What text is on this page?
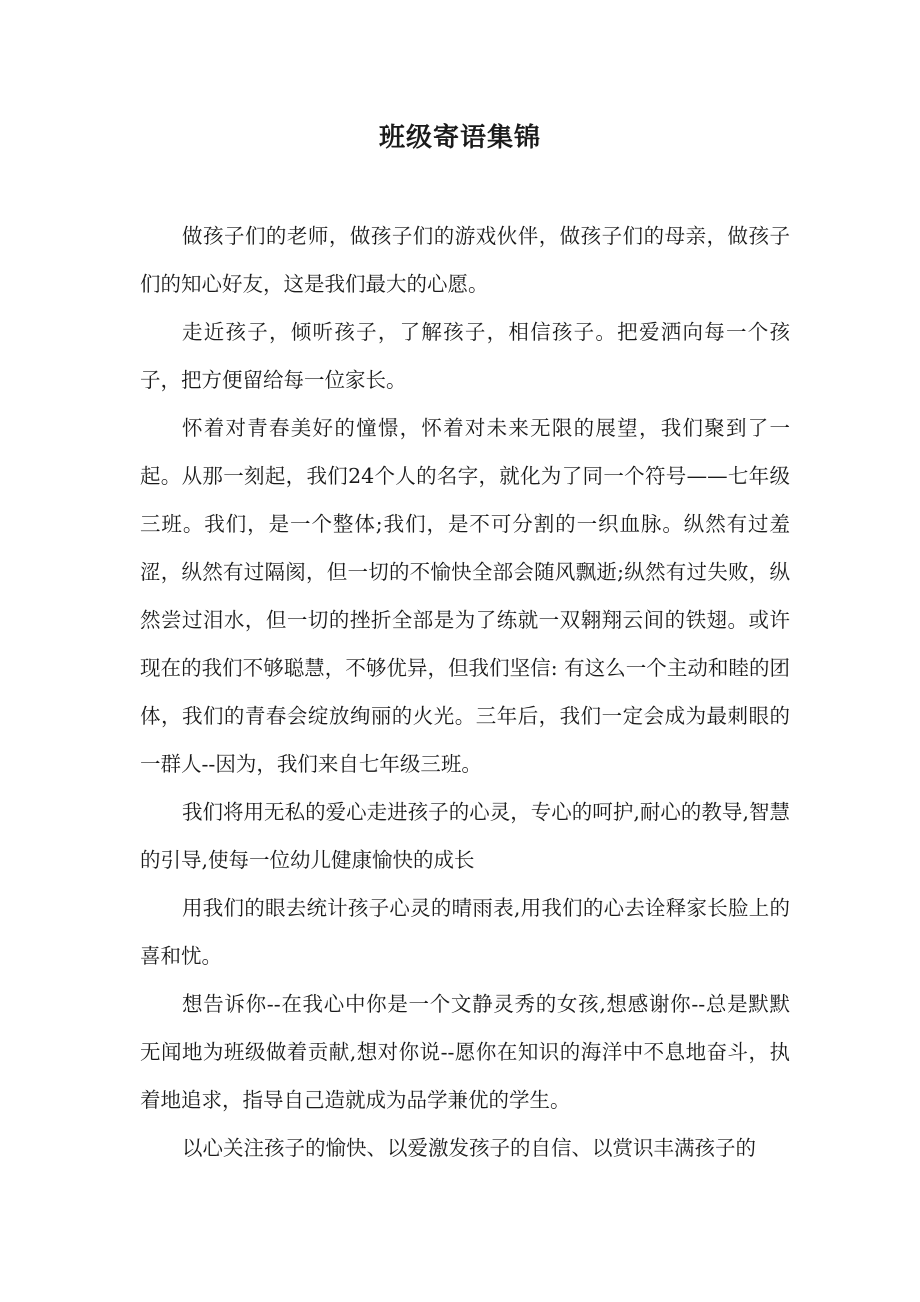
班级寄语集锦

做孩子们的老师，做孩子们的游戏伙伴，做孩子们的母亲，做孩子们的知心好友，这是我们最大的心愿。

走近孩子，倾听孩子，了解孩子，相信孩子。把爱洒向每一个孩子，把方便留给每一位家长。

怀着对青春美好的憧憬，怀着对未来无限的展望，我们聚到了一起。从那一刻起，我们24个人的名字，就化为了同一个符号——七年级三班。我们，是一个整体;我们，是不可分割的一织血脉。纵然有过羞涩，纵然有过隔阂，但一切的不愉快全部会随风飘逝;纵然有过失败，纵然尝过泪水，但一切的挫折全部是为了练就一双翱翔云间的铁翅。或许现在的我们不够聪慧，不够优异，但我们坚信: 有这么一个主动和睦的团体，我们的青春会绽放绚丽的火光。三年后，我们一定会成为最刺眼的一群人--因为，我们来自七年级三班。

我们将用无私的爱心走进孩子的心灵，专心的呵护,耐心的教导,智慧的引导,使每一位幼儿健康愉快的成长

用我们的眼去统计孩子心灵的晴雨表,用我们的心去诠释家长脸上的喜和忧。

想告诉你--在我心中你是一个文静灵秀的女孩,想感谢你--总是默默无闻地为班级做着贡献,想对你说--愿你在知识的海洋中不息地奋斗，执着地追求，指导自己造就成为品学兼优的学生。

以心关注孩子的愉快、以爱激发孩子的自信、以赏识丰满孩子的
